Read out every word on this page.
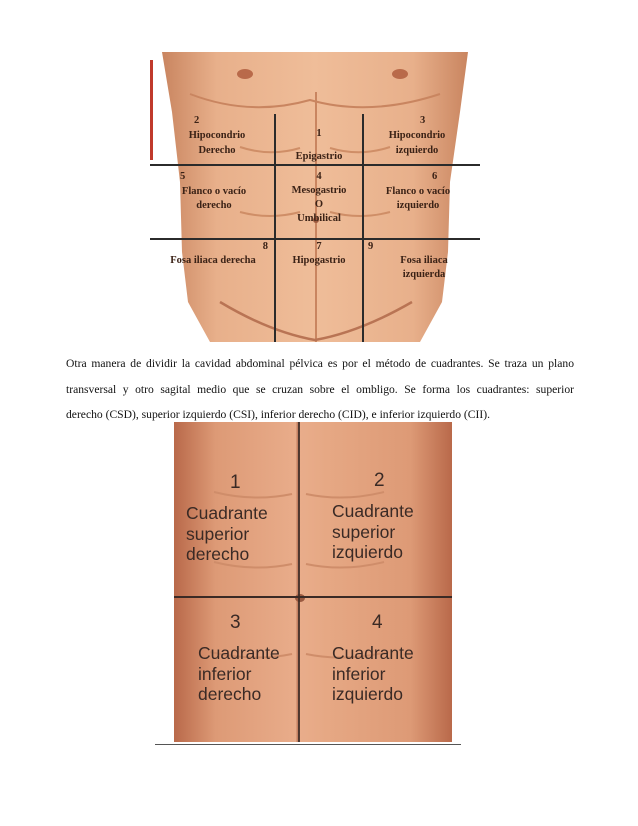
2
Hipocondrio
Derecho
1
Epigastrio
3
Hipocondrio
izquierdo
5
Flanco o vacío
derecho
4
Mesogastrio
O
Umbilical
6
Flanco o vacío
izquierdo
8
Fosa iliaca derecha
7
Hipogastrio
9
Fosa iliaca
izquierda
Otra manera de dividir la cavidad abdominal pélvica es por el método de cuadrantes. Se traza un plano
transversal y otro sagital medio que se cruzan sobre el ombligo. Se forma los cuadrantes: superior
derecho (CSD), superior izquierdo (CSI), inferior derecho (CID), e inferior izquierdo (CII).
1
Cuadrante
superior
derecho
2
Cuadrante
superior
izquierdo
3
Cuadrante
inferior
derecho
4
Cuadrante
inferior
izquierdo
